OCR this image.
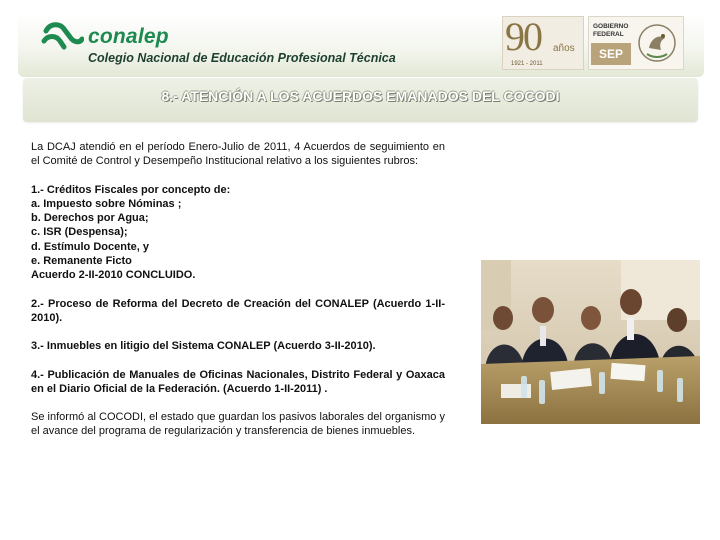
conalep
Colegio Nacional de Educación Profesional Técnica	90 años
1921 - 2011
GOBIERNO
FEDERAL
SEP
8.- ATENCIÓN A LOS ACUERDOS EMANADOS DEL COCODI

La DCAJ atendió en el período Enero-Julio de 2011, 4 Acuerdos de seguimiento en el Comité de Control y Desempeño Institucional relativo a los siguientes rubros:

1.- Créditos Fiscales por concepto de:

a. Impuesto sobre Nóminas ;

b. Derechos por Agua;

c. ISR (Despensa);

d. Estímulo Docente, y

e. Remanente Ficto

Acuerdo 2-II-2010 CONCLUIDO.

2.- Proceso de Reforma del Decreto de Creación del CONALEP (Acuerdo 1-II-2010).

3.- Inmuebles en litigio del Sistema CONALEP (Acuerdo 3-II-2010).

4.- Publicación de Manuales de Oficinas Nacionales, Distrito Federal y Oaxaca en el Diario Oficial de la Federación. (Acuerdo 1-II-2011) .

Se informó al COCODI, el estado que guardan los pasivos laborales del organismo y el avance del programa de regularización y transferencia de bienes inmuebles.
